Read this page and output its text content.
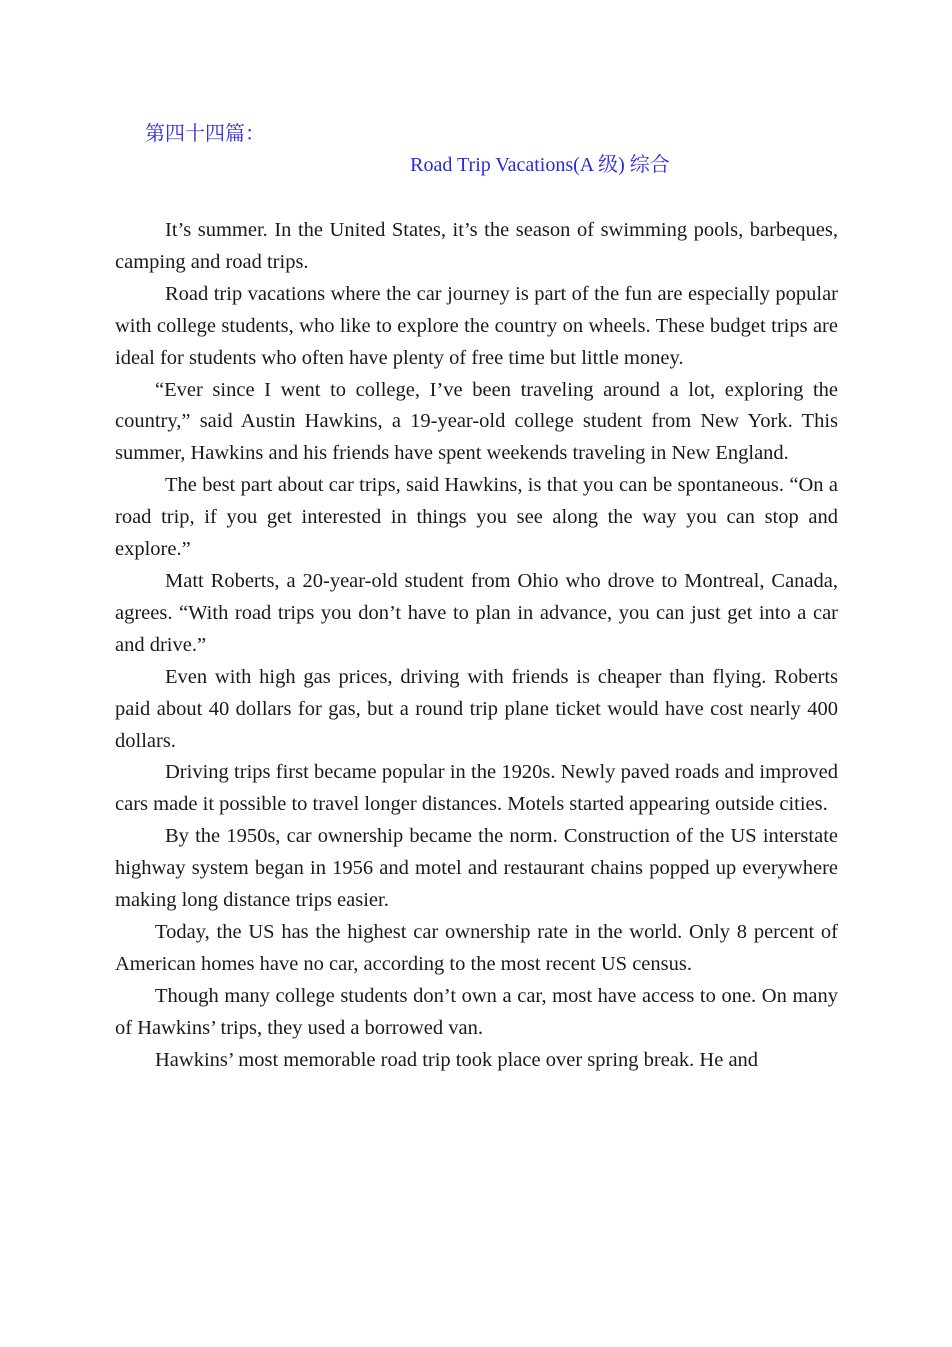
第四十四篇：
Road Trip Vacations(A 级) 综合

It’s summer. In the United States, it’s the season of swimming pools, barbeques, camping and road trips.

Road trip vacations where the car journey is part of the fun are especially popular with college students, who like to explore the country on wheels. These budget trips are ideal for students who often have plenty of free time but little money.

“Ever since I went to college, I’ve been traveling around a lot, exploring the country,” said Austin Hawkins, a 19-year-old college student from New York. This summer, Hawkins and his friends have spent weekends traveling in New England.

The best part about car trips, said Hawkins, is that you can be spontaneous. “On a road trip, if you get interested in things you see along the way you can stop and explore.”

Matt Roberts, a 20-year-old student from Ohio who drove to Montreal, Canada, agrees. “With road trips you don’t have to plan in advance, you can just get into a car and drive.”

Even with high gas prices, driving with friends is cheaper than flying. Roberts paid about 40 dollars for gas, but a round trip plane ticket would have cost nearly 400 dollars.

Driving trips first became popular in the 1920s. Newly paved roads and improved cars made it possible to travel longer distances. Motels started appearing outside cities.

By the 1950s, car ownership became the norm. Construction of the US interstate highway system began in 1956 and motel and restaurant chains popped up everywhere making long distance trips easier.

Today, the US has the highest car ownership rate in the world. Only 8 percent of American homes have no car, according to the most recent US census.

Though many college students don’t own a car, most have access to one. On many of Hawkins’ trips, they used a borrowed van.

Hawkins’ most memorable road trip took place over spring break. He and
